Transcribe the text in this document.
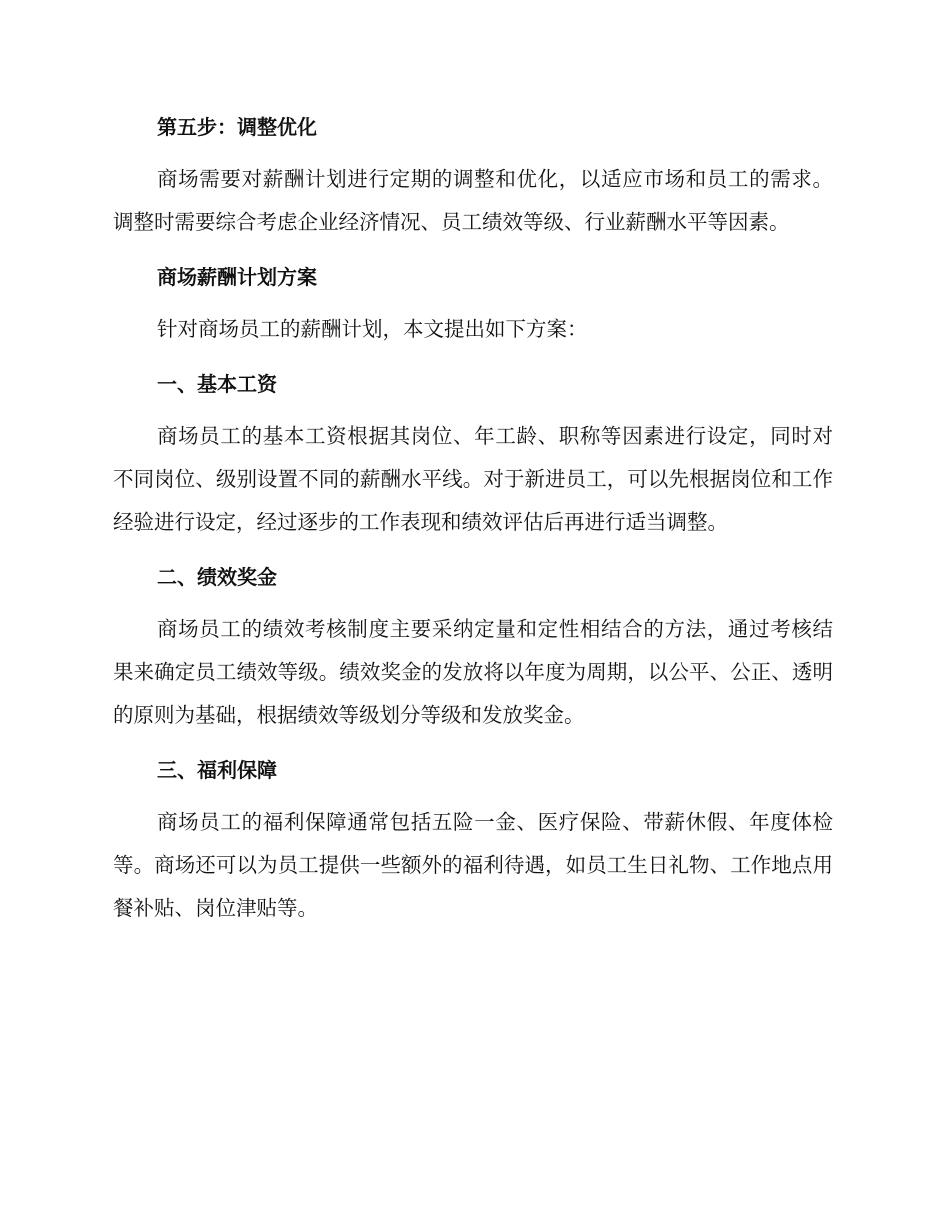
第五步：调整优化

商场需要对薪酬计划进行定期的调整和优化，以适应市场和员工的需求。调整时需要综合考虑企业经济情况、员工绩效等级、行业薪酬水平等因素。

商场薪酬计划方案

针对商场员工的薪酬计划，本文提出如下方案：

一、基本工资

商场员工的基本工资根据其岗位、年工龄、职称等因素进行设定，同时对不同岗位、级别设置不同的薪酬水平线。对于新进员工，可以先根据岗位和工作经验进行设定，经过逐步的工作表现和绩效评估后再进行适当调整。

二、绩效奖金

商场员工的绩效考核制度主要采纳定量和定性相结合的方法，通过考核结果来确定员工绩效等级。绩效奖金的发放将以年度为周期，以公平、公正、透明的原则为基础，根据绩效等级划分等级和发放奖金。

三、福利保障

商场员工的福利保障通常包括五险一金、医疗保险、带薪休假、年度体检等。商场还可以为员工提供一些额外的福利待遇，如员工生日礼物、工作地点用餐补贴、岗位津贴等。
